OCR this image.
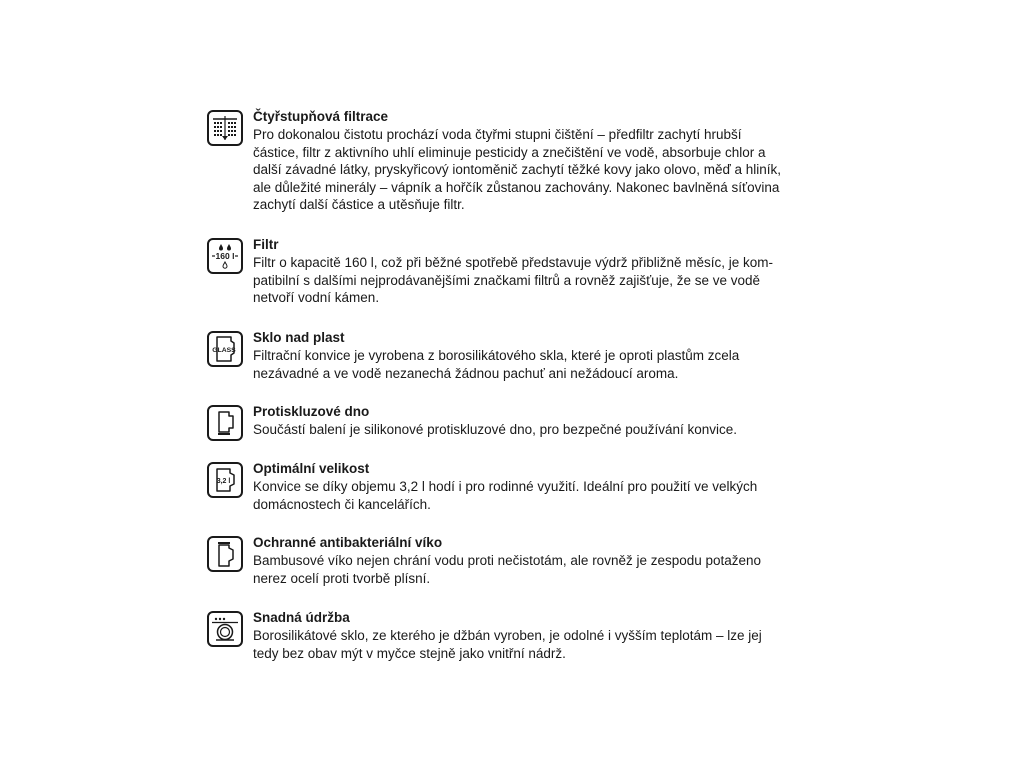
Čtyřstupňová filtrace
Pro dokonalou čistotu prochází voda čtyřmi stupni čištění – předfiltr zachytí hrubší
částice, filtr z aktivního uhlí eliminuje pesticidy a znečištění ve vodě, absorbuje chlor a
další závadné látky, pryskyřicový iontoměnič zachytí těžké kovy jako olovo, měď a hliník,
ale důležité minerály – vápník a hořčík zůstanou zachovány. Nakonec bavlněná síťovina
zachytí další částice a utěsňuje filtr.
160 l
Filtr
Filtr o kapacitě 160 l, což při běžné spotřebě představuje výdrž přibližně měsíc, je kom-
patibilní s dalšími nejprodávanějšími značkami filtrů a rovněž zajišťuje, že se ve vodě
netvoří vodní kámen.
GLASS
Sklo nad plast
Filtrační konvice je vyrobena z borosilikátového skla, které je oproti plastům zcela
nezávadné a ve vodě nezanechá žádnou pachuť ani nežádoucí aroma.
Protiskluzové dno
Součástí balení je silikonové protiskluzové dno, pro bezpečné používání konvice.
3,2 l
Optimální velikost
Konvice se díky objemu 3,2 l hodí i pro rodinné využití. Ideální pro použití ve velkých
domácnostech či kancelářích.
Ochranné antibakteriální víko
Bambusové víko nejen chrání vodu proti nečistotám, ale rovněž je zespodu potaženo
nerez ocelí proti tvorbě plísní.
Snadná údržba
Borosilikátové sklo, ze kterého je džbán vyroben, je odolné i vyšším teplotám – lze jej
tedy bez obav mýt v myčce stejně jako vnitřní nádrž.
